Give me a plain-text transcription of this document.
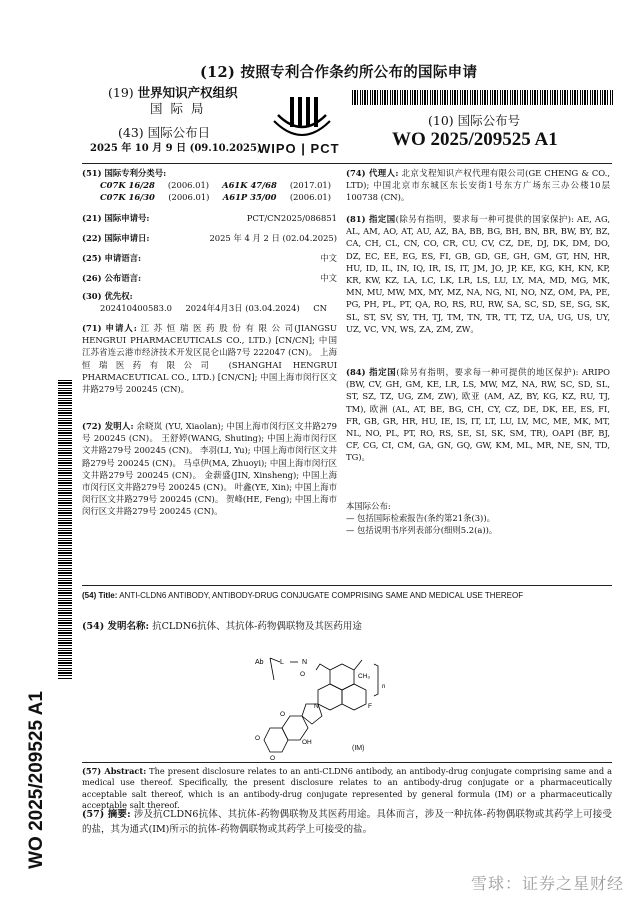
(12) 按照专利合作条约所公布的国际申请
(19) 世界知识产权组织
国 际 局
(43) 国际公布日
2025 年 10 月 9 日 (09.10.2025)
WIPO | PCT
(10) 国际公布号
WO 2025/209525 A1
(51) 国际专利分类号:
C07K 16/28 (2006.01) A61K 47/68 (2017.01)
C07K 16/30 (2006.01) A61P 35/00 (2006.01)
(21) 国际申请号:	PCT/CN2025/086851
(22) 国际申请日:	2025 年 4 月 2 日 (02.04.2025)
(25) 申请语言:	中文
(26) 公布语言:	中文
(30) 优先权:
202410400583.0 2024年4月3日 (03.04.2024) CN
(71) 申请人: 江 苏 恒 瑞 医 药 股 份 有 限 公 司(JIANGSU HENGRUI PHARMACEUTICALS CO., LTD.) [CN/CN]; 中国江苏省连云港市经济技术开发区昆仑山路7号 222047 (CN)。 上海恒瑞医药有限公司 (SHANGHAI HENGRUI PHARMACEUTICAL CO., LTD.) [CN/CN]; 中国上海市闵行区文井路279号 200245 (CN)。
(72) 发明人: 余晓岚 (YU, Xiaolan); 中国上海市闵行区文井路279号 200245 (CN)。 王舒婷(WANG, Shuting); 中国上海市闵行区文井路279号 200245 (CN)。 李羽(LI, Yu); 中国上海市闵行区文井路279号 200245 (CN)。 马卓伊(MA, Zhuoyi); 中国上海市闵行区文井路279号 200245 (CN)。 金薪盛(JIN, Xinsheng); 中国上海市闵行区文井路279号 200245 (CN)。 叶鑫(YE, Xin); 中国上海市闵行区文井路279号 200245 (CN)。 贺峰(HE, Feng); 中国上海市闵行区文井路279号 200245 (CN)。
(74) 代理人: 北京戈程知识产权代理有限公司(GE CHENG & CO., LTD); 中国北京市东城区东长安街1号东方广场东三办公楼10层 100738 (CN)。
(81) 指定国(除另有指明，要求每一种可提供的国家保护): AE, AG, AL, AM, AO, AT, AU, AZ, BA, BB, BG, BH, BN, BR, BW, BY, BZ, CA, CH, CL, CN, CO, CR, CU, CV, CZ, DE, DJ, DK, DM, DO, DZ, EC, EE, EG, ES, FI, GB, GD, GE, GH, GM, GT, HN, HR, HU, ID, IL, IN, IQ, IR, IS, IT, JM, JO, JP, KE, KG, KH, KN, KP, KR, KW, KZ, LA, LC, LK, LR, LS, LU, LY, MA, MD, MG, MK, MN, MU, MW, MX, MY, MZ, NA, NG, NI, NO, NZ, OM, PA, PE, PG, PH, PL, PT, QA, RO, RS, RU, RW, SA, SC, SD, SE, SG, SK, SL, ST, SV, SY, TH, TJ, TM, TN, TR, TT, TZ, UA, UG, US, UY, UZ, VC, VN, WS, ZA, ZM, ZW。
(84) 指定国(除另有指明，要求每一种可提供的地区保护): ARIPO (BW, CV, GH, GM, KE, LR, LS, MW, MZ, NA, RW, SC, SD, SL, ST, SZ, TZ, UG, ZM, ZW), 欧亚 (AM, AZ, BY, KG, KZ, RU, TJ, TM), 欧洲 (AL, AT, BE, BG, CH, CY, CZ, DE, DK, EE, ES, FI, FR, GB, GR, HR, HU, IE, IS, IT, LT, LU, LV, MC, ME, MK, MT, NL, NO, PL, PT, RO, RS, SE, SI, SK, SM, TR), OAPI (BF, BJ, CF, CG, CI, CM, GA, GN, GQ, GW, KM, ML, MR, NE, SN, TD, TG)。
本国际公布:
— 包括国际检索报告(条约第21条(3))。
— 包括说明书序列表部分(细则5.2(a))。
WO 2025/209525 A1
(54) Title: ANTI-CLDN6 ANTIBODY, ANTIBODY-DRUG CONJUGATE COMPRISING SAME AND MEDICAL USE THEREOF
(54) 发明名称: 抗CLDN6抗体、其抗体-药物偶联物及其医药用途
Ab L	N
n
CH₃
F
N
OH
O
O
O
O
(IM)
(57) Abstract: The present disclosure relates to an anti-CLDN6 antibody, an antibody-drug conjugate comprising same and a medical use thereof. Specifically, the present disclosure relates to an antibody-drug conjugate or a pharmaceutically acceptable salt thereof, which is an antibody-drug conjugate represented by general formula (IM) or a pharmaceutically acceptable salt thereof.
(57) 摘要: 涉及抗CLDN6抗体、其抗体-药物偶联物及其医药用途。具体而言，涉及一种抗体-药物偶联物或其药学上可接受的盐，其为通式(IM)所示的抗体-药物偶联物或其药学上可接受的盐。
雪球：证券之星财经
